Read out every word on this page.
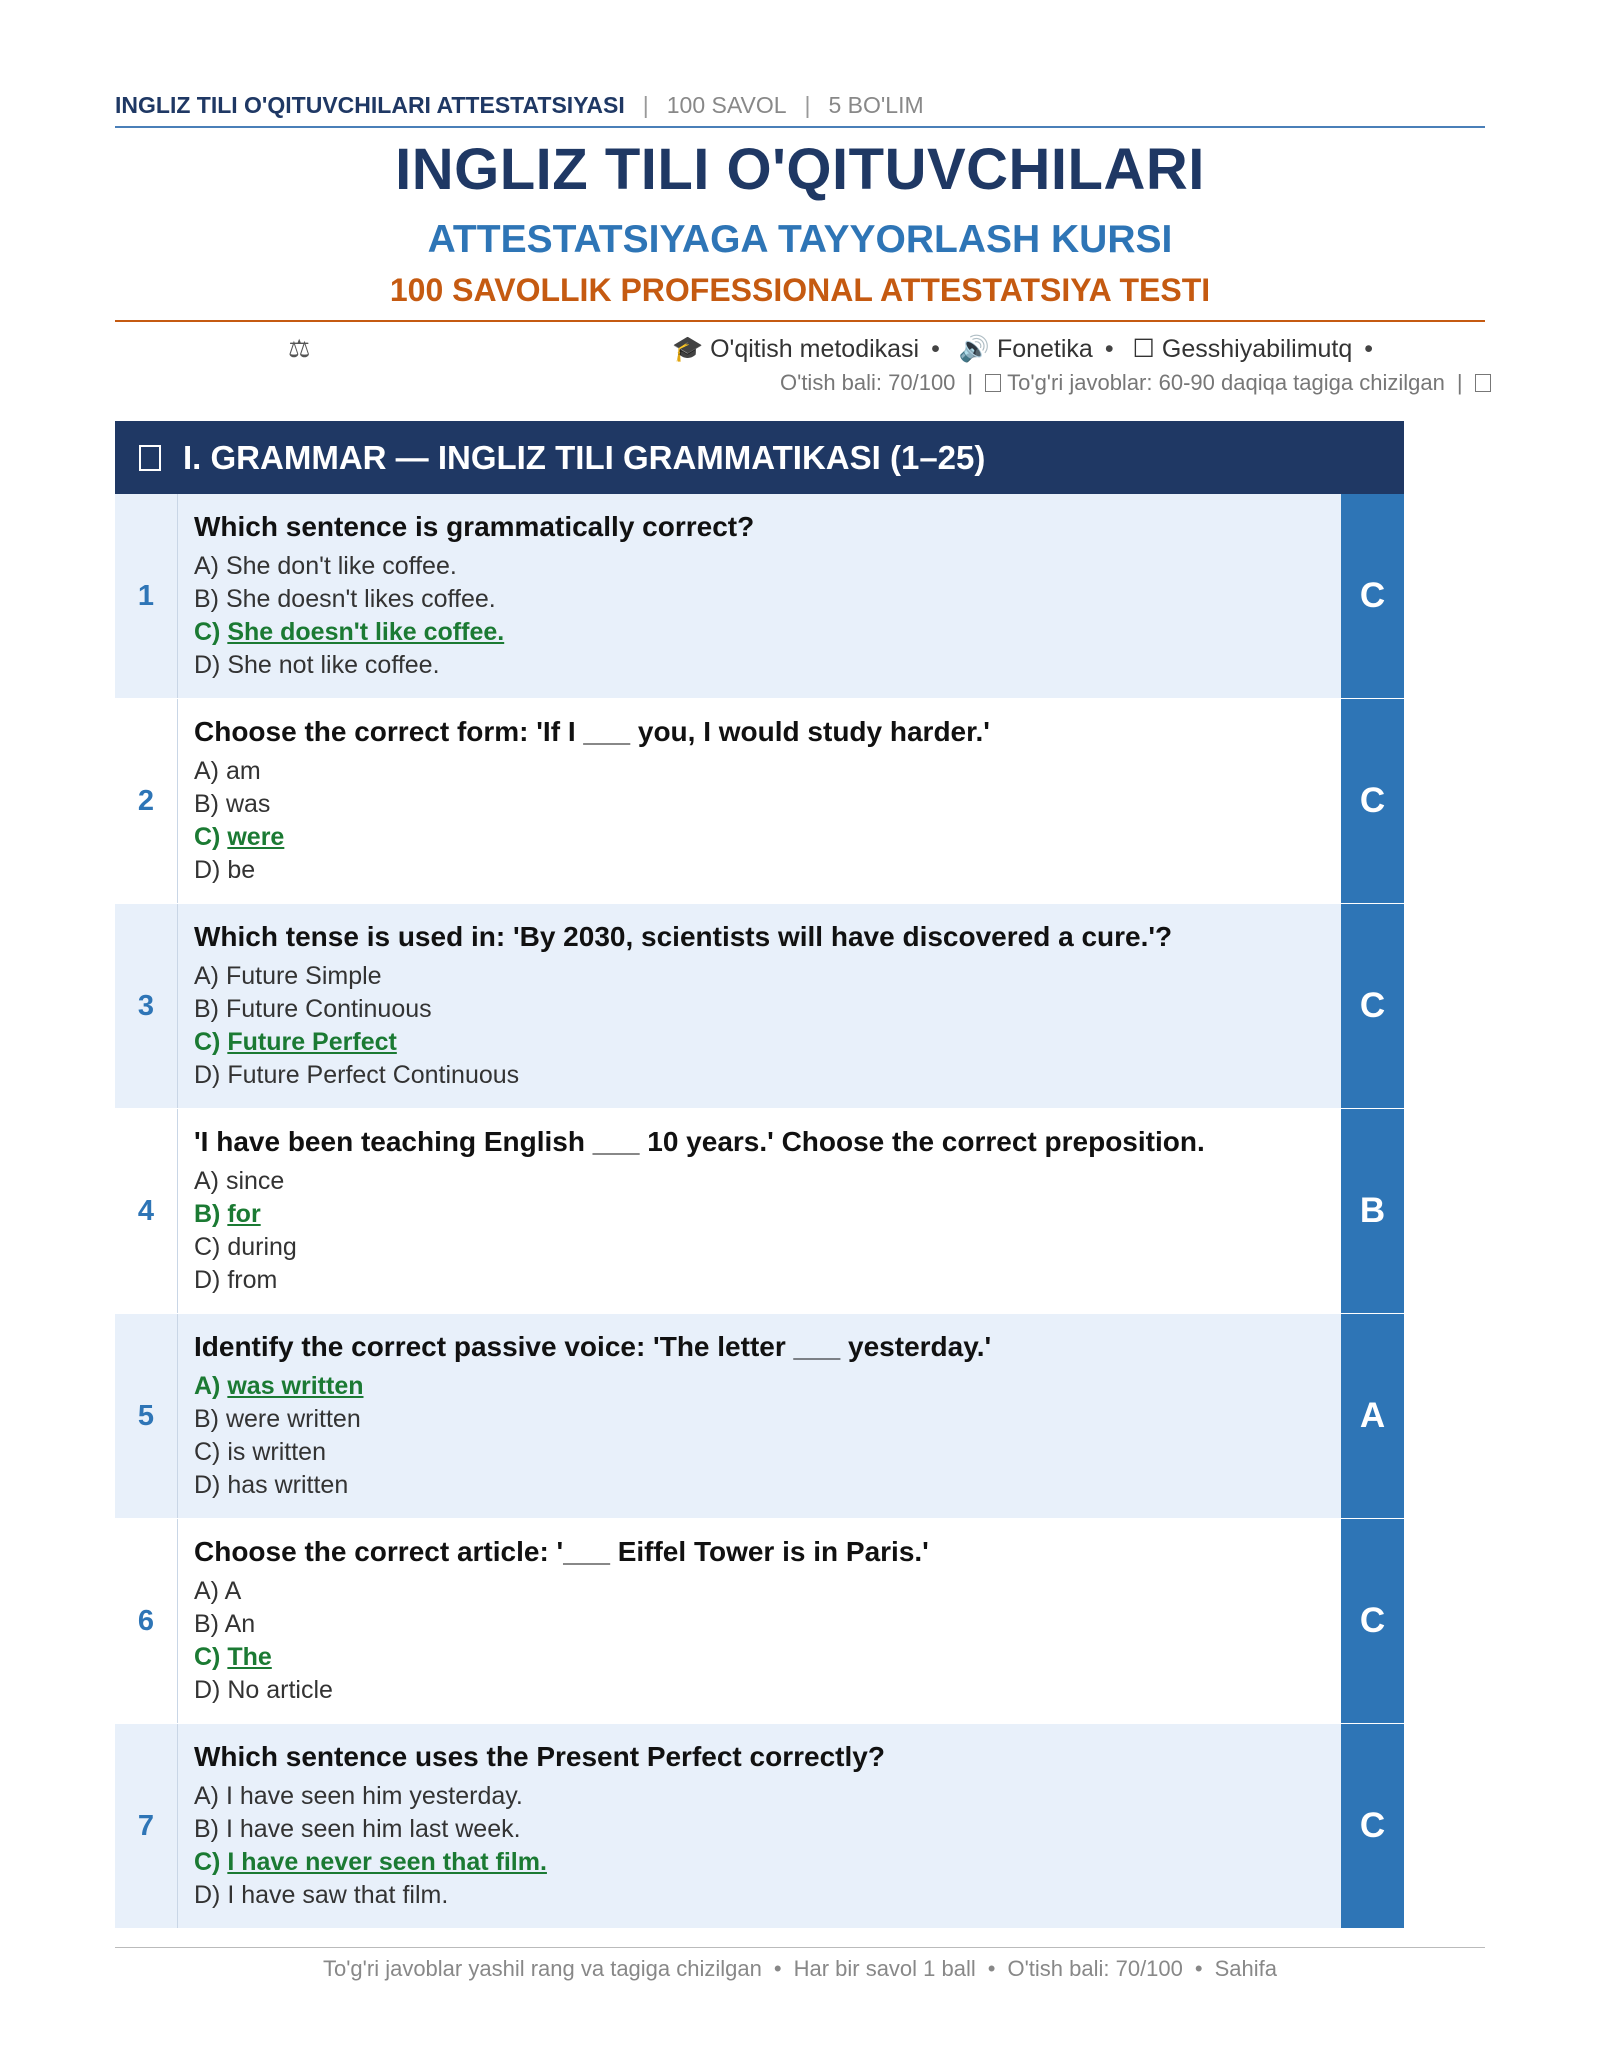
INGLIZ TILI O'QITUVCHILARI ATTESTATSIYASI | 100 SAVOL | 5 BO'LIM
INGLIZ TILI O'QITUVCHILARI
ATTESTATSIYAGA TAYYORLASH KURSI
100 SAVOLLIK PROFESSIONAL ATTESTATSIYA TESTI
⚖	🎓 O'qitish metodikasi • 🔊 Fonetika • ☐ Gesshiyabilimutq •
O'tish bali: 70/100 | To'g'ri javoblar: 60-90 daqiqa tagiga chizilgan |
I. GRAMMAR — INGLIZ TILI GRAMMATIKASI (1–25)
1
Which sentence is grammatically correct?
A) She don't like coffee.
B) She doesn't likes coffee.
C) She doesn't like coffee.
D) She not like coffee.
C
2
Choose the correct form: 'If I ___ you, I would study harder.'
A) am
B) was
C) were
D) be
C
3
Which tense is used in: 'By 2030, scientists will have discovered a cure.'?
A) Future Simple
B) Future Continuous
C) Future Perfect
D) Future Perfect Continuous
C
4
'I have been teaching English ___ 10 years.' Choose the correct preposition.
A) since
B) for
C) during
D) from
B
5
Identify the correct passive voice: 'The letter ___ yesterday.'
A) was written
B) were written
C) is written
D) has written
A
6
Choose the correct article: '___ Eiffel Tower is in Paris.'
A) A
B) An
C) The
D) No article
C
7
Which sentence uses the Present Perfect correctly?
A) I have seen him yesterday.
B) I have seen him last week.
C) I have never seen that film.
D) I have saw that film.
C
To'g'ri javoblar yashil rang va tagiga chizilgan • Har bir savol 1 ball • O'tish bali: 70/100 • Sahifa
